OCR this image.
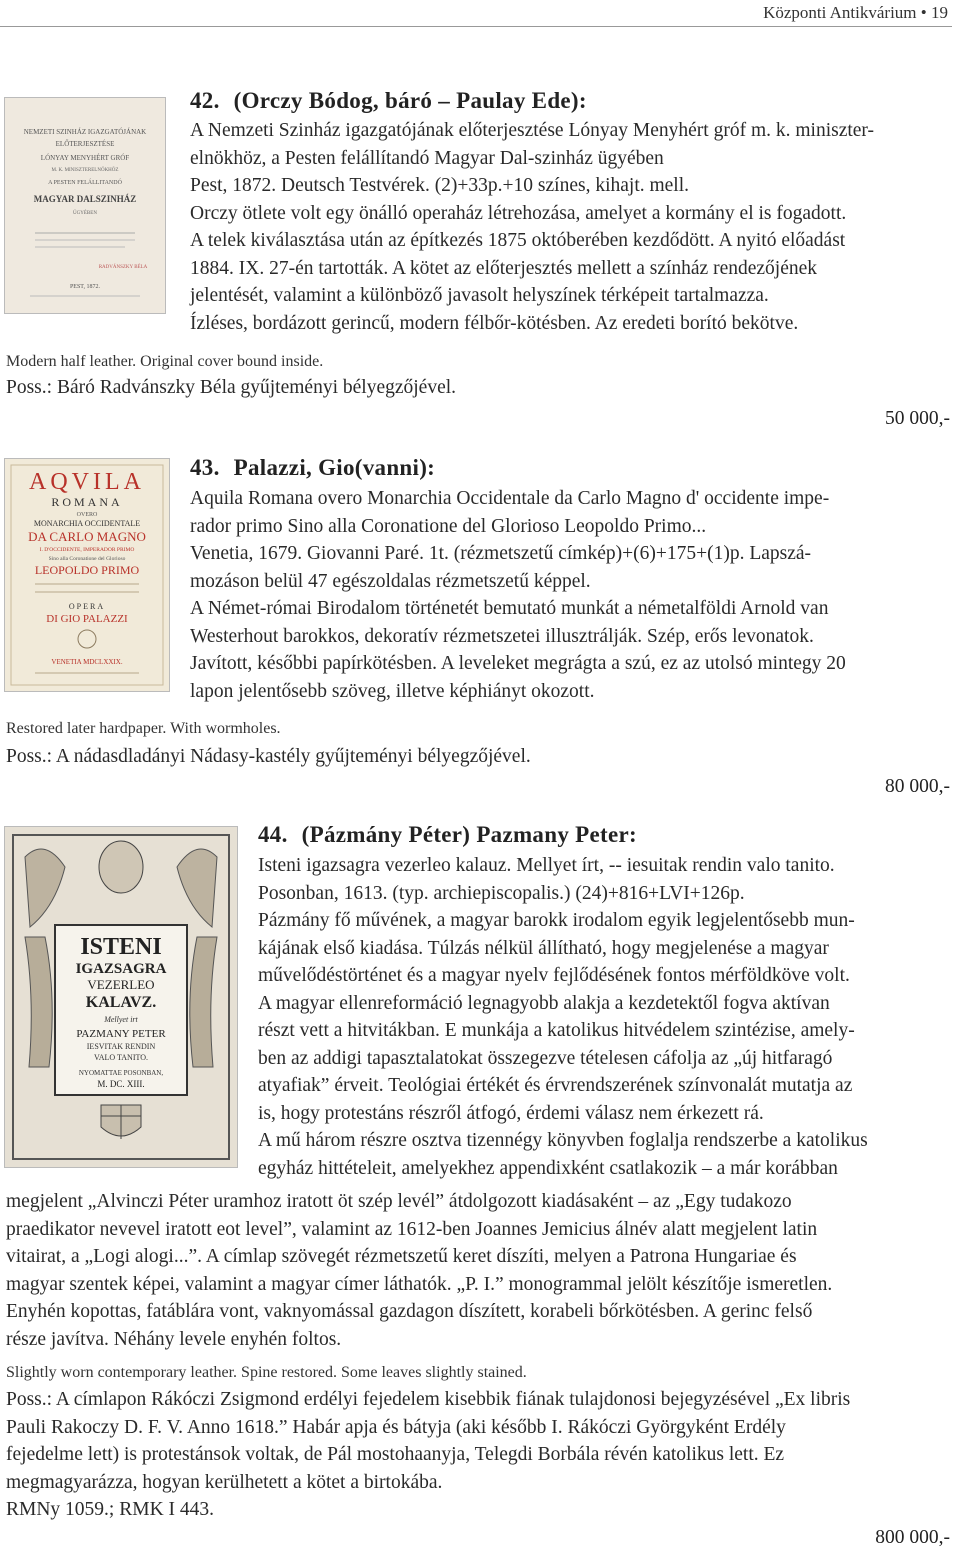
Központi Antikvárium • 19
NEMZETI SZINHÁZ IGAZGATÓJÁNAK
ELŐTERJESZTÉSE
LÓNYAY MENYHÉRT GRÓF
M. K. MINISZTERELNÖKHÖZ
A PESTEN FELÁLLITANDÓ
MAGYAR DALSZINHÁZ
ÜGYÉBEN
RADVÁNSZKY BÉLA
PEST, 1872.
42. (Orczy Bódog, báró – Paulay Ede):
A Nemzeti Szinház igazgatójának előterjesztése Lónyay Menyhért gróf m. k. miniszter-
elnökhöz, a Pesten felállítandó Magyar Dal-szinház ügyében
Pest, 1872. Deutsch Testvérek. (2)+33p.+10 színes, kihajt. mell.
Orczy ötlete volt egy önálló operaház létrehozása, amelyet a kormány el is fogadott.
A telek kiválasztása után az építkezés 1875 októberében kezdődött. A nyitó előadást
1884. IX. 27-én tartották. A kötet az előterjesztés mellett a színház rendezőjének
jelentését, valamint a különböző javasolt helyszínek térképeit tartalmazza.
Ízléses, bordázott gerincű, modern félbőr-kötésben. Az eredeti borító bekötve.
Modern half leather. Original cover bound inside.
Poss.: Báró Radvánszky Béla gyűjteményi bélyegzőjével.
50 000,-
AQVILA
ROMANA
OVERO
MONARCHIA OCCIDENTALE
DA CARLO MAGNO
I. D'OCCIDENTE, IMPERADOR PRIMO
Sino alla Coronatione del Glorioso
LEOPOLDO PRIMO
OPERA
DI GIO PALAZZI
VENETIA MDCLXXIX.
43. Palazzi, Gio(vanni):
Aquila Romana overo Monarchia Occidentale da Carlo Magno d' occidente impe-
rador primo Sino alla Coronatione del Glorioso Leopoldo Primo...
Venetia, 1679. Giovanni Paré. 1t. (rézmetszetű címkép)+(6)+175+(1)p. Lapszá-
mozáson belül 47 egészoldalas rézmetszetű képpel.
A Német-római Birodalom történetét bemutató munkát a németalföldi Arnold van
Westerhout barokkos, dekoratív rézmetszetei illusztrálják. Szép, erős levonatok.
Javított, későbbi papírkötésben. A leveleket megrágta a szú, ez az utolsó mintegy 20
lapon jelentősebb szöveg, illetve képhiányt okozott.
Restored later hardpaper. With wormholes.
Poss.: A nádasdladányi Nádasy-kastély gyűjteményi bélyegzőjével.
80 000,-
ISTENI
IGAZSAGRA
VEZERLEO
KALAVZ.
Mellyet irt
PAZMANY PETER
IESVITAK RENDIN
VALO TANITO.
NYOMATTAE POSONBAN,
M. DC. XIII.
44. (Pázmány Péter) Pazmany Peter:
Isteni igazsagra vezerleo kalauz. Mellyet írt, -- iesuitak rendin valo tanito.
Posonban, 1613. (typ. archiepiscopalis.) (24)+816+LVI+126p.
Pázmány fő művének, a magyar barokk irodalom egyik legjelentősebb mun-
kájának első kiadása. Túlzás nélkül állítható, hogy megjelenése a magyar
művelődéstörténet és a magyar nyelv fejlődésének fontos mérföldköve volt.
A magyar ellenreformáció legnagyobb alakja a kezdetektől fogva aktívan
részt vett a hitvitákban. E munkája a katolikus hitvédelem szintézise, amely-
ben az addigi tapasztalatokat összegezve tételesen cáfolja az „új hitfaragó
atyafiak” érveit. Teológiai értékét és érvrendszerének színvonalát mutatja az
is, hogy protestáns részről átfogó, érdemi válasz nem érkezett rá.
A mű három részre osztva tizennégy könyvben foglalja rendszerbe a katolikus
egyház hittételeit, amelyekhez appendixként csatlakozik – a már korábban
megjelent „Alvinczi Péter uramhoz iratott öt szép levél” átdolgozott kiadásaként – az „Egy tudakozo
praedikator nevevel iratott eot level”, valamint az 1612-ben Joannes Jemicius álnév alatt megjelent latin
vitairat, a „Logi alogi...”. A címlap szövegét rézmetszetű keret díszíti, melyen a Patrona Hungariae és
magyar szentek képei, valamint a magyar címer láthatók. „P. I.” monogrammal jelölt készítője ismeretlen.
Enyhén kopottas, fatáblára vont, vaknyomással gazdagon díszített, korabeli bőrkötésben. A gerinc felső
része javítva. Néhány levele enyhén foltos.
Slightly worn contemporary leather. Spine restored. Some leaves slightly stained.
Poss.: A címlapon Rákóczi Zsigmond erdélyi fejedelem kisebbik fiának tulajdonosi bejegyzésével „Ex libris
Pauli Rakoczy D. F. V. Anno 1618.” Habár apja és bátyja (aki később I. Rákóczi Györgyként Erdély
fejedelme lett) is protestánsok voltak, de Pál mostohaanyja, Telegdi Borbála révén katolikus lett. Ez
megmagyarázza, hogyan kerülhetett a kötet a birtokába.
RMNy 1059.; RMK I 443.
800 000,-
